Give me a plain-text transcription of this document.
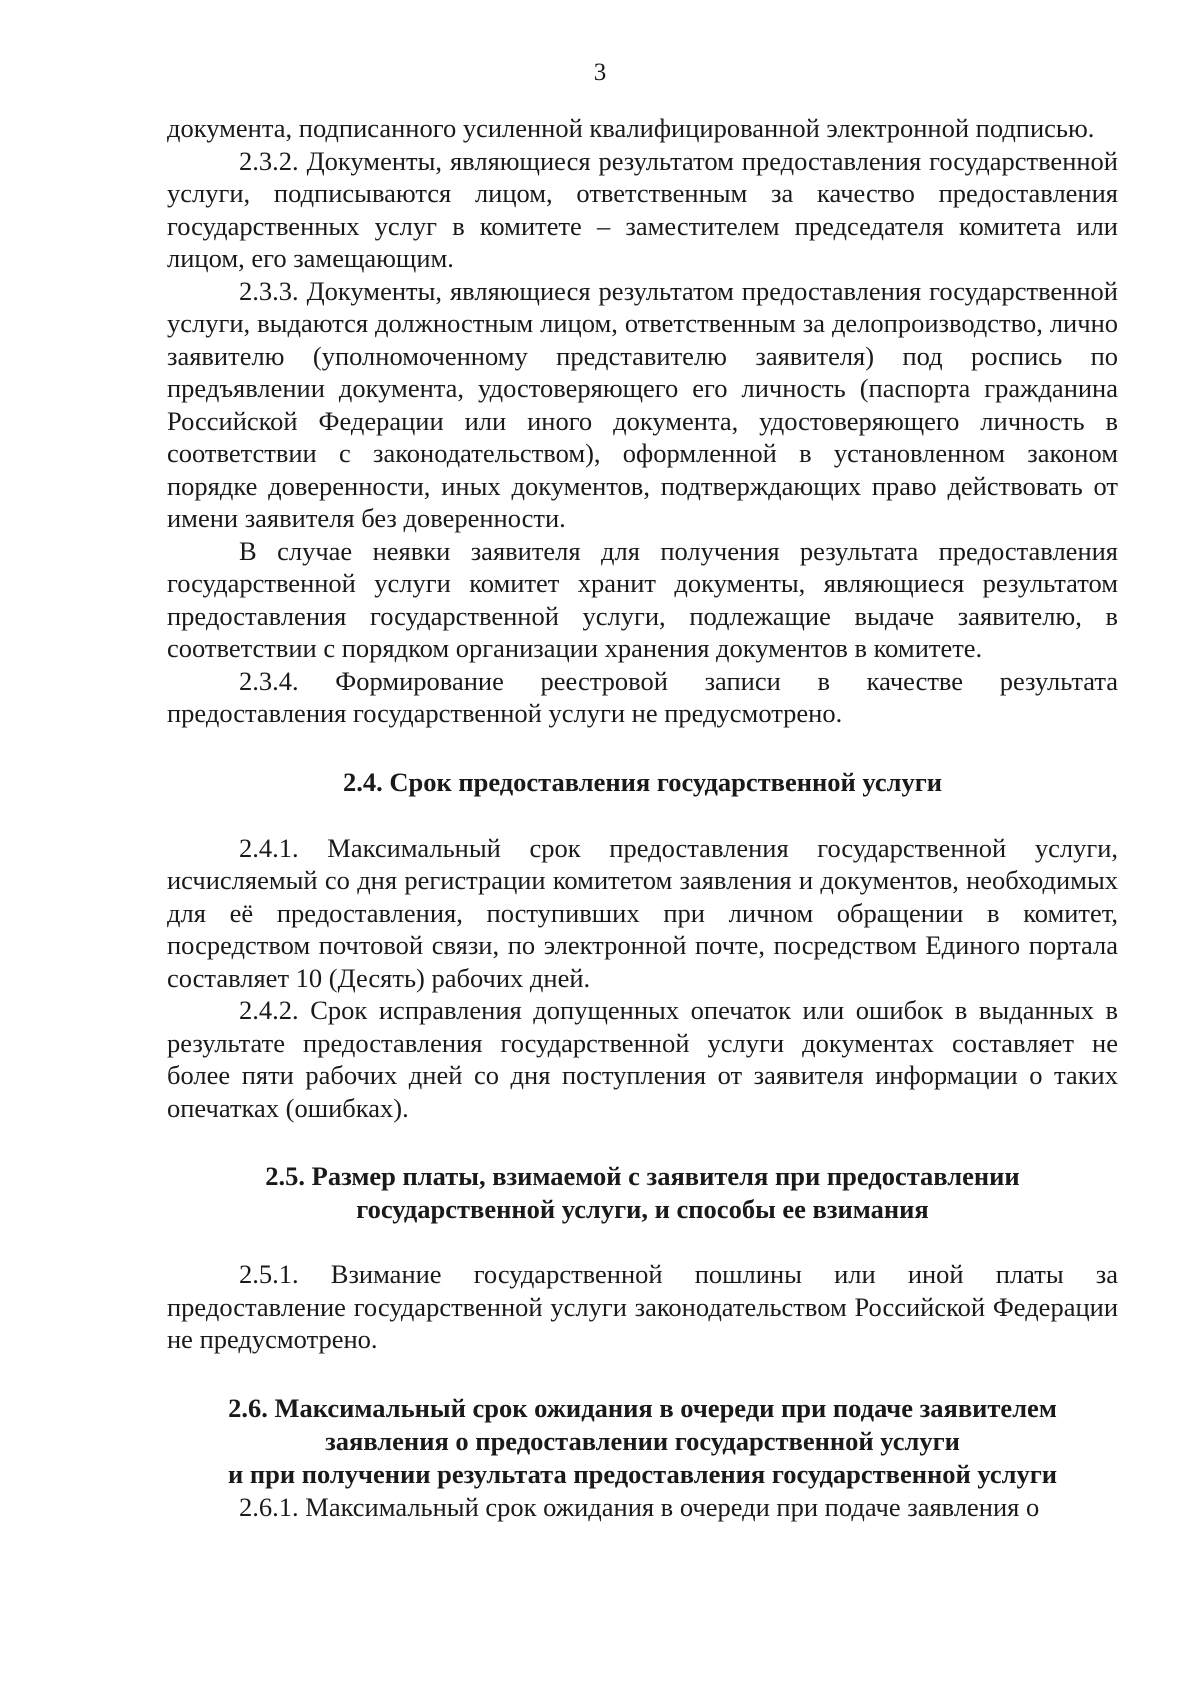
3

документа, подписанного усиленной квалифицированной электронной подписью.

2.3.2. Документы, являющиеся результатом предоставления государственной услуги, подписываются лицом, ответственным за качество предоставления государственных услуг в комитете – заместителем председателя комитета или лицом, его замещающим.

2.3.3. Документы, являющиеся результатом предоставления государственной услуги, выдаются должностным лицом, ответственным за делопроизводство, лично заявителю (уполномоченному представителю заявителя) под роспись по предъявлении документа, удостоверяющего его личность (паспорта гражданина Российской Федерации или иного документа, удостоверяющего личность в соответствии с законодательством), оформленной в установленном законом порядке доверенности, иных документов, подтверждающих право действовать от имени заявителя без доверенности.

В случае неявки заявителя для получения результата предоставления государственной услуги комитет хранит документы, являющиеся результатом предоставления государственной услуги, подлежащие выдаче заявителю, в соответствии с порядком организации хранения документов в комитете.

2.3.4. Формирование реестровой записи в качестве результата предоставления государственной услуги не предусмотрено.

2.4. Срок предоставления государственной услуги

2.4.1. Максимальный срок предоставления государственной услуги, исчисляемый со дня регистрации комитетом заявления и документов, необходимых для её предоставления, поступивших при личном обращении в комитет, посредством почтовой связи, по электронной почте, посредством Единого портала составляет 10 (Десять) рабочих дней.

2.4.2. Срок исправления допущенных опечаток или ошибок в выданных в результате предоставления государственной услуги документах составляет не более пяти рабочих дней со дня поступления от заявителя информации о таких опечатках (ошибках).

2.5. Размер платы, взимаемой с заявителя при предоставлении
государственной услуги, и способы ее взимания

2.5.1. Взимание государственной пошлины или иной платы за предоставление государственной услуги законодательством Российской Федерации не предусмотрено.

2.6. Максимальный срок ожидания в очереди при подаче заявителем
заявления о предоставлении государственной услуги
и при получении результата предоставления государственной услуги

2.6.1. Максимальный срок ожидания в очереди при подаче заявления о
